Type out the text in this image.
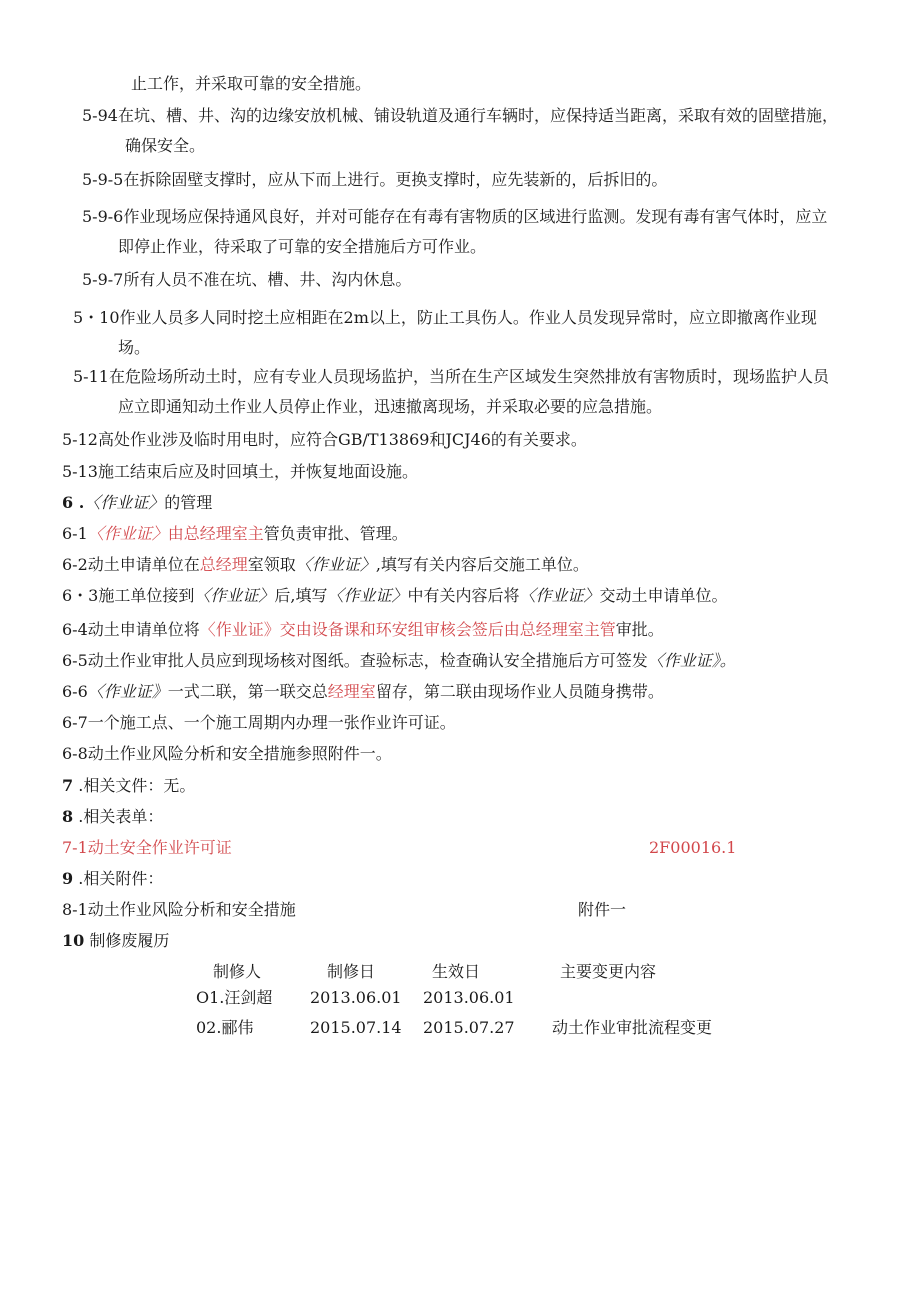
止工作，并采取可靠的安全措施。
5-94在坑、槽、井、沟的边缘安放机械、铺设轨道及通行车辆时，应保持适当距离，采取有效的固壁措施，
确保安全。
5-9-5在拆除固壁支撑时，应从下而上进行。更换支撑时，应先装新的，后拆旧的。
5-9-6作业现场应保持通风良好，并对可能存在有毒有害物质的区域进行监测。发现有毒有害气体时，应立
即停止作业，待采取了可靠的安全措施后方可作业。
5-9-7所有人员不准在坑、槽、井、沟内休息。
5・10作业人员多人同时挖土应相距在2m以上，防止工具伤人。作业人员发现异常时，应立即撤离作业现
场。
5-11在危险场所动土时，应有专业人员现场监护，当所在生产区域发生突然排放有害物质时，现场监护人员
应立即通知动土作业人员停止作业，迅速撤离现场，并采取必要的应急措施。
5-12高处作业涉及临时用电时，应符合GB/T13869和JCJ46的有关要求。
5-13施工结束后应及时回填土，并恢复地面设施。
6 .〈作业证〉的管理
6-1〈作业证〉由总经理室主管负责审批、管理。
6-2动土申请单位在总经理室领取〈作业证〉,填写有关内容后交施工单位。
6・3施工单位接到〈作业证〉后,填写〈作业证〉中有关内容后将〈作业证〉交动土申请单位。
6-4动土申请单位将〈作业证》交由设备课和环安组审核会签后由总经理室主管审批。
6-5动土作业审批人员应到现场核对图纸。查验标志，检查确认安全措施后方可签发〈作业证》。
6-6〈作业证》一式二联，第一联交总经理室留存，第二联由现场作业人员随身携带。
6-7一个施工点、一个施工周期内办理一张作业许可证。
6-8动土作业风险分析和安全措施参照附件一。
7 .相关文件：无。
8 .相关表单：
7-1动土安全作业许可证	2F00016.1
9 .相关附件：
8-1动土作业风险分析和安全措施	附件一
10 制修废履历
制修人	制修日	生效日	主要变更内容
O1.汪剑超 2013.06.01 2013.06.01
02.郦伟	2015.07.14 2015.07.27 动土作业审批流程变更
